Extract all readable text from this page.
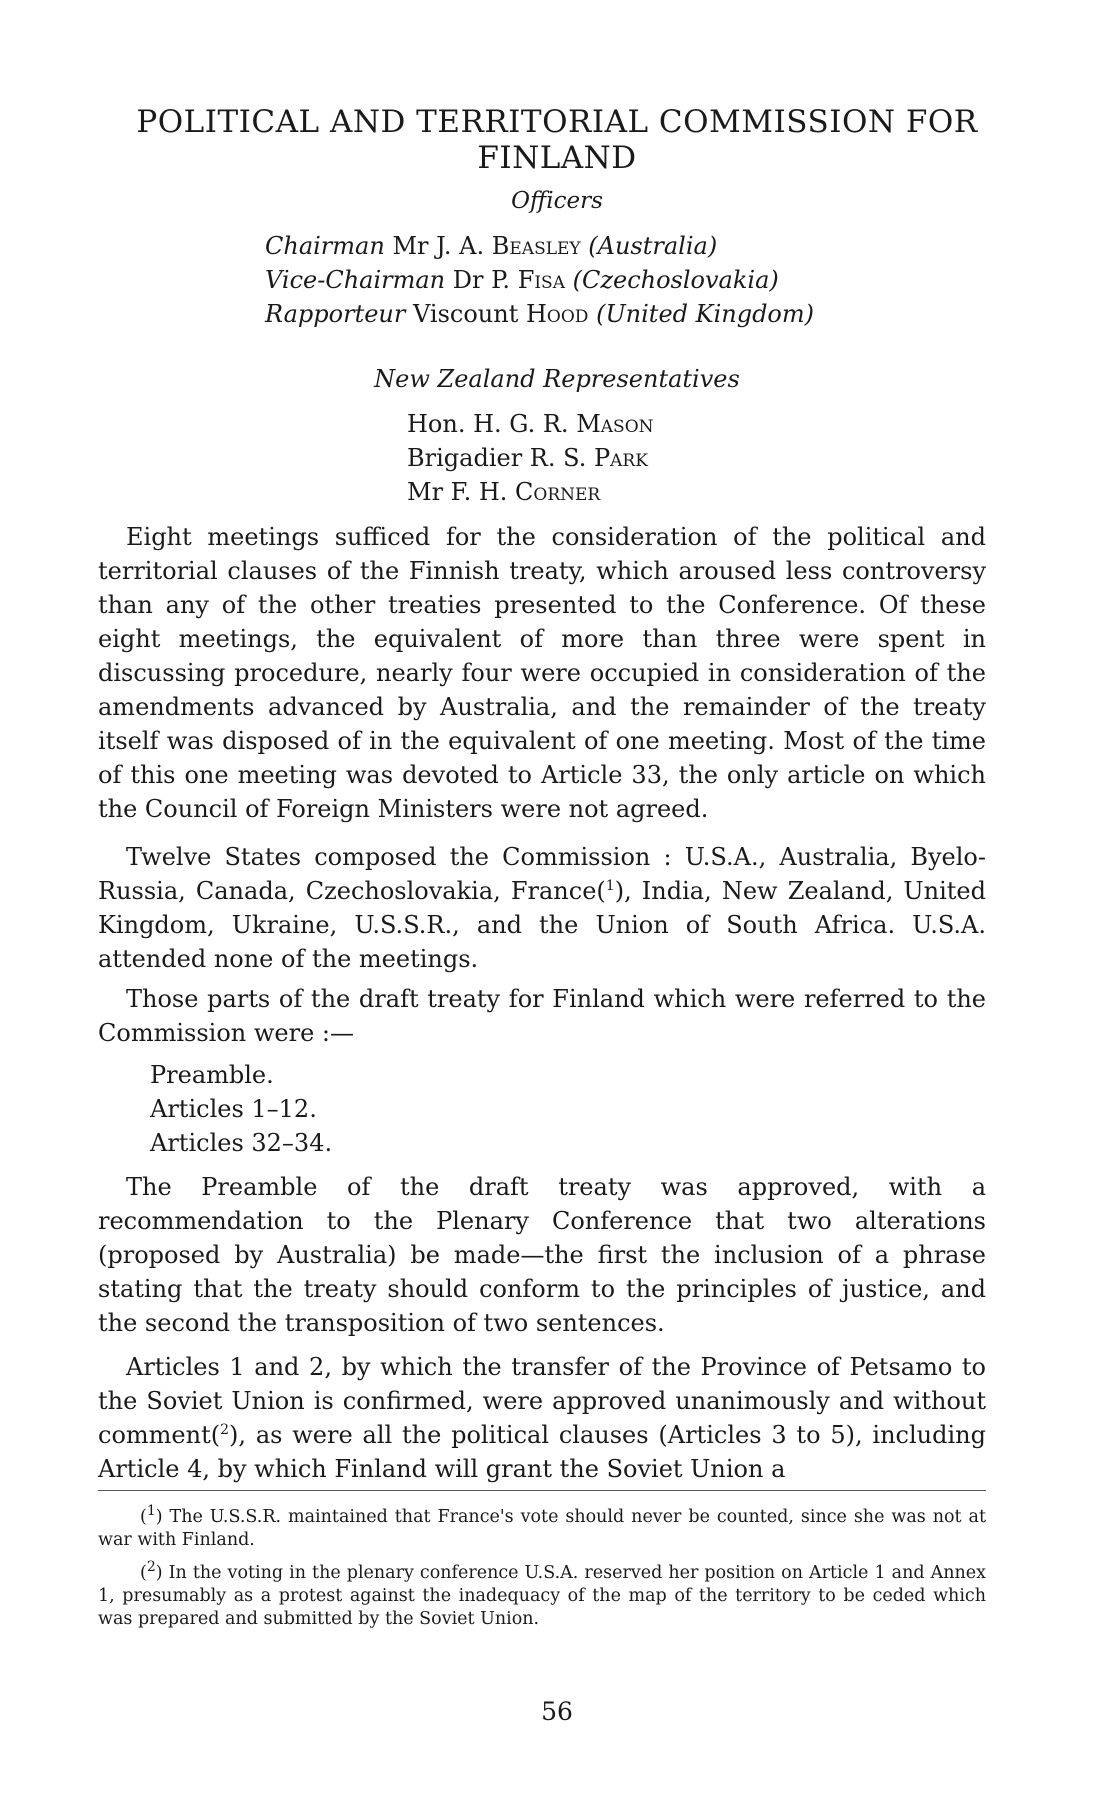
POLITICAL AND TERRITORIAL COMMISSION FOR
FINLAND
Officers
Chairman Mr J. A. Beasley (Australia)
Vice-Chairman Dr P. Fisa (Czechoslovakia)
Rapporteur Viscount Hood (United Kingdom)
New Zealand Representatives
Hon. H. G. R. Mason
Brigadier R. S. Park
Mr F. H. Corner

Eight meetings sufficed for the consideration of the political and territorial clauses of the Finnish treaty, which aroused less controversy than any of the other treaties presented to the Conference. Of these eight meetings, the equivalent of more than three were spent in discussing procedure, nearly four were occupied in consideration of the amendments advanced by Australia, and the remainder of the treaty itself was disposed of in the equivalent of one meeting. Most of the time of this one meeting was devoted to Article 33, the only article on which the Council of Foreign Ministers were not agreed.

Twelve States composed the Commission : U.S.A., Australia, Byelo-Russia, Canada, Czechoslovakia, France($^1$), India, New Zealand, United Kingdom, Ukraine, U.S.S.R., and the Union of South Africa. U.S.A. attended none of the meetings.

Those parts of the draft treaty for Finland which were referred to the Commission were :—

Preamble.
Articles 1–12.
Articles 32–34.

The Preamble of the draft treaty was approved, with a recommendation to the Plenary Conference that two alterations (proposed by Australia) be made—the first the inclusion of a phrase stating that the treaty should conform to the principles of justice, and the second the transposition of two sentences.

Articles 1 and 2, by which the transfer of the Province of Petsamo to the Soviet Union is confirmed, were approved unanimously and without comment($^2$), as were all the political clauses (Articles 3 to 5), including Article 4, by which Finland will grant the Soviet Union a

($^1$) The U.S.S.R. maintained that France's vote should never be counted, since she was not at war with Finland.

($^2$) In the voting in the plenary conference U.S.A. reserved her position on Article 1 and Annex 1, presumably as a protest against the inadequacy of the map of the territory to be ceded which was prepared and submitted by the Soviet Union.

56
